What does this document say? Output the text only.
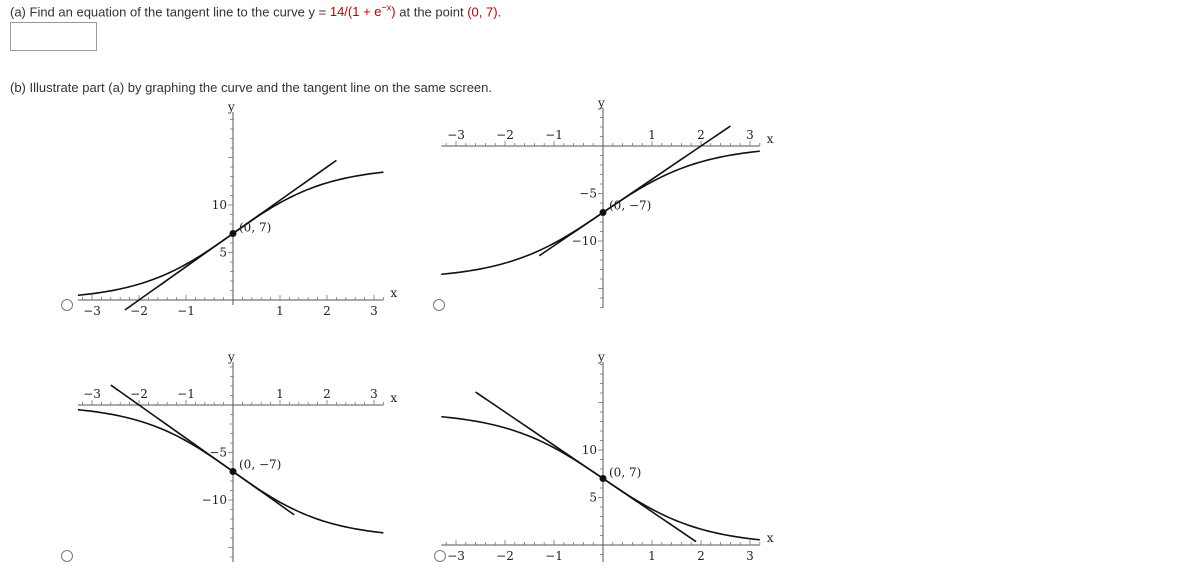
(a) Find an equation of the tangent line to the curve $y = 14/(1 + e^{-x})$ at the point (0, 7).
(b) Illustrate part (a) by graphing the curve and the tangent line on the same screen.
−3 −2 −1	1	2	3
5
10
y
x
(0, 7)
−3	−2	−1	1	2	3
−5
−10
y
x
(0, −7)
−3 −2 −1	1	2	3
−5
−10
y
x
(0, −7)
−3	−2	−1	1	2	3
5
10
y
x
(0, 7)
